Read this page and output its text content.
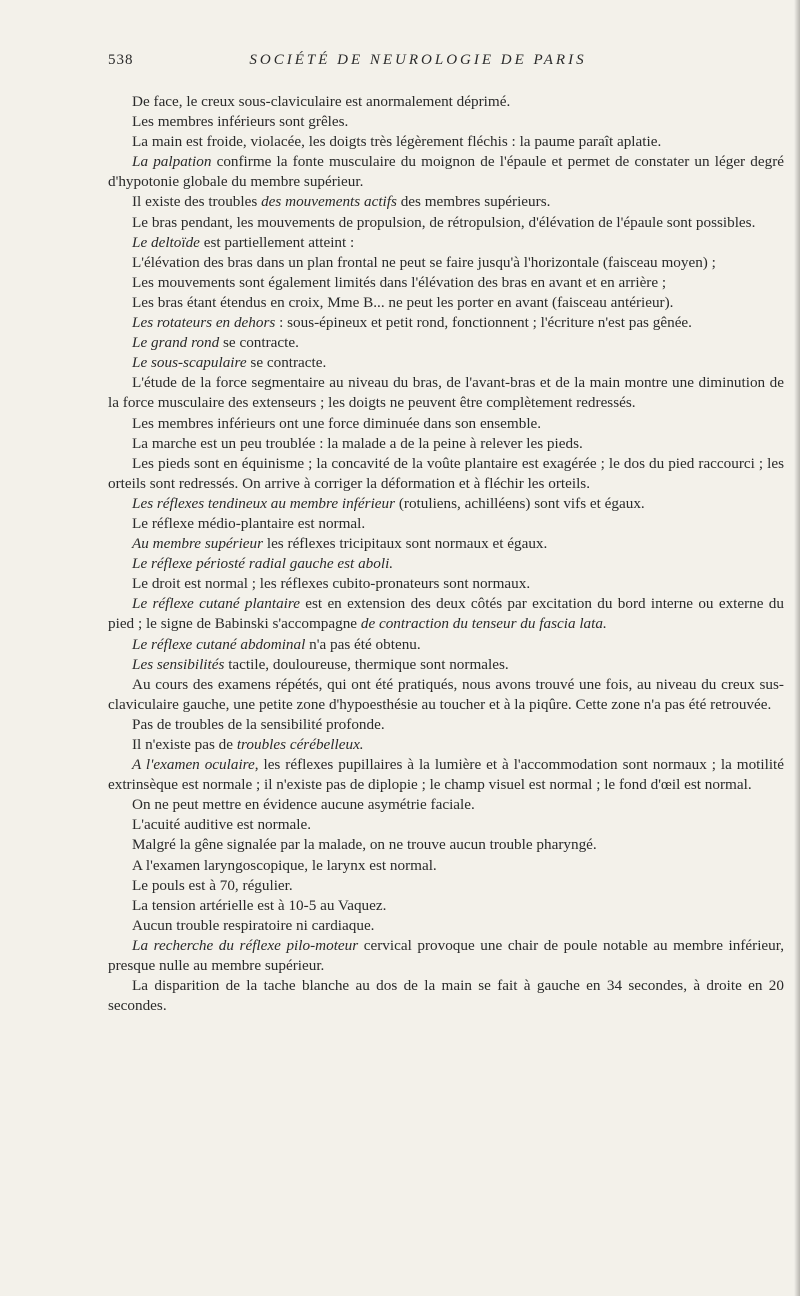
538	SOCIÉTÉ DE NEUROLOGIE DE PARIS

De face, le creux sous-claviculaire est anormalement déprimé.

Les membres inférieurs sont grêles.

La main est froide, violacée, les doigts très légèrement fléchis : la paume paraît aplatie.

La palpation confirme la fonte musculaire du moignon de l'épaule et permet de constater un léger degré d'hypotonie globale du membre supérieur.

Il existe des troubles des mouvements actifs des membres supérieurs.

Le bras pendant, les mouvements de propulsion, de rétropulsion, d'élévation de l'épaule sont possibles.

Le deltoïde est partiellement atteint :

L'élévation des bras dans un plan frontal ne peut se faire jusqu'à l'horizontale (faisceau moyen) ;

Les mouvements sont également limités dans l'élévation des bras en avant et en arrière ;

Les bras étant étendus en croix, Mme B... ne peut les porter en avant (faisceau antérieur).

Les rotateurs en dehors : sous-épineux et petit rond, fonctionnent ; l'écriture n'est pas gênée.

Le grand rond se contracte.

Le sous-scapulaire se contracte.

L'étude de la force segmentaire au niveau du bras, de l'avant-bras et de la main montre une diminution de la force musculaire des extenseurs ; les doigts ne peuvent être complètement redressés.

Les membres inférieurs ont une force diminuée dans son ensemble.

La marche est un peu troublée : la malade a de la peine à relever les pieds.

Les pieds sont en équinisme ; la concavité de la voûte plantaire est exagérée ; le dos du pied raccourci ; les orteils sont redressés. On arrive à corriger la déformation et à fléchir les orteils.

Les réflexes tendineux au membre inférieur (rotuliens, achilléens) sont vifs et égaux.

Le réflexe médio-plantaire est normal.

Au membre supérieur les réflexes tricipitaux sont normaux et égaux.

Le réflexe périosté radial gauche est aboli.

Le droit est normal ; les réflexes cubito-pronateurs sont normaux.

Le réflexe cutané plantaire est en extension des deux côtés par excitation du bord interne ou externe du pied ; le signe de Babinski s'accompagne de contraction du tenseur du fascia lata.

Le réflexe cutané abdominal n'a pas été obtenu.

Les sensibilités tactile, douloureuse, thermique sont normales.

Au cours des examens répétés, qui ont été pratiqués, nous avons trouvé une fois, au niveau du creux sus-claviculaire gauche, une petite zone d'hypoesthésie au toucher et à la piqûre. Cette zone n'a pas été retrouvée.

Pas de troubles de la sensibilité profonde.

Il n'existe pas de troubles cérébelleux.

A l'examen oculaire, les réflexes pupillaires à la lumière et à l'accommodation sont normaux ; la motilité extrinsèque est normale ; il n'existe pas de diplopie ; le champ visuel est normal ; le fond d'œil est normal.

On ne peut mettre en évidence aucune asymétrie faciale.

L'acuité auditive est normale.

Malgré la gêne signalée par la malade, on ne trouve aucun trouble pharyngé.

A l'examen laryngoscopique, le larynx est normal.

Le pouls est à 70, régulier.

La tension artérielle est à 10-5 au Vaquez.

Aucun trouble respiratoire ni cardiaque.

La recherche du réflexe pilo-moteur cervical provoque une chair de poule notable au membre inférieur, presque nulle au membre supérieur.

La disparition de la tache blanche au dos de la main se fait à gauche en 34 secondes, à droite en 20 secondes.
